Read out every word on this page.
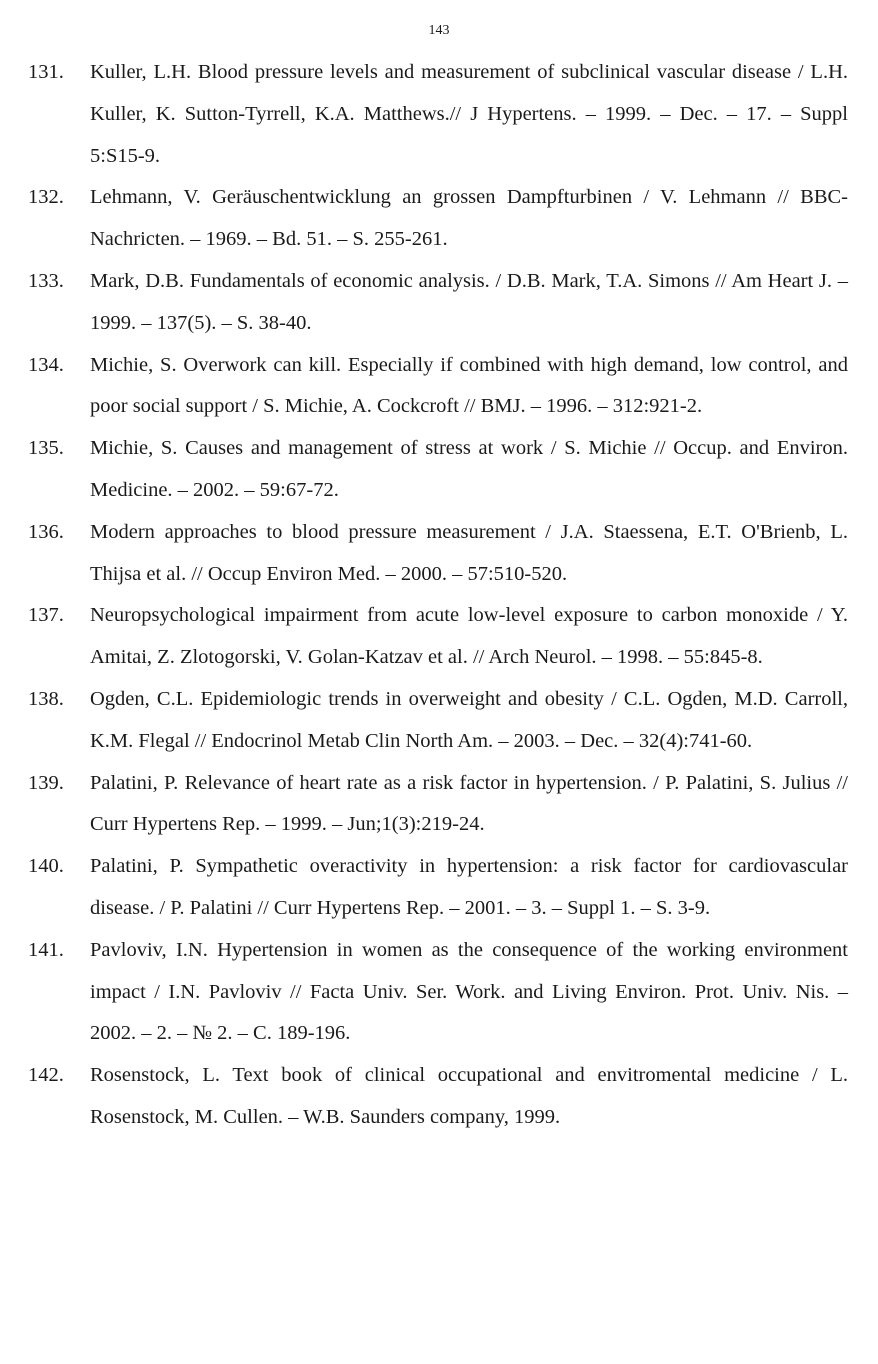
143
131.	Kuller, L.H. Blood pressure levels and measurement of subclinical vascular disease / L.H. Kuller, K. Sutton-Tyrrell, K.A. Matthews.// J Hypertens. – 1999. – Dec. – 17. – Suppl 5:S15-9.
132.	Lehmann, V. Geräuschentwicklung an grossen Dampfturbinen / V. Lehmann // BBC-Nachricten. – 1969. – Bd. 51. – S. 255-261.
133.	Mark, D.B. Fundamentals of economic analysis. / D.B. Mark, T.A. Simons // Am Heart J. – 1999. – 137(5). – S. 38-40.
134.	Michie, S. Overwork can kill. Especially if combined with high demand, low control, and poor social support / S. Michie, A. Cockcroft // BMJ. – 1996. – 312:921-2.
135.	Michie, S. Causes and management of stress at work / S. Michie // Occup. and Environ. Medicine. – 2002. – 59:67-72.
136.	Modern approaches to blood pressure measurement / J.A. Staessena, E.T. O'Brienb, L. Thijsa et al. // Occup Environ Med. – 2000. – 57:510-520.
137.	Neuropsychological impairment from acute low-level exposure to carbon monoxide / Y. Amitai, Z. Zlotogorski, V. Golan-Katzav et al. // Arch Neurol. – 1998. – 55:845-8.
138.	Ogden, C.L. Epidemiologic trends in overweight and obesity / C.L. Ogden, M.D. Carroll, K.M. Flegal // Endocrinol Metab Clin North Am. – 2003. – Dec. – 32(4):741-60.
139.	Palatini, P. Relevance of heart rate as a risk factor in hypertension. / P. Palatini, S. Julius // Curr Hypertens Rep. – 1999. – Jun;1(3):219-24.
140.	Palatini, P. Sympathetic overactivity in hypertension: a risk factor for cardiovascular disease. / P. Palatini // Curr Hypertens Rep. – 2001. – 3. – Suppl 1. – S. 3-9.
141.	Pavloviv, I.N. Hypertension in women as the consequence of the working environment impact / I.N. Pavloviv // Facta Univ. Ser. Work. and Living Environ. Prot. Univ. Nis. – 2002. – 2. – № 2. – C. 189-196.
142.	Rosenstock, L. Text book of clinical occupational and envitromental medicine / L. Rosenstock, M. Cullen. – W.B. Saunders company, 1999.
